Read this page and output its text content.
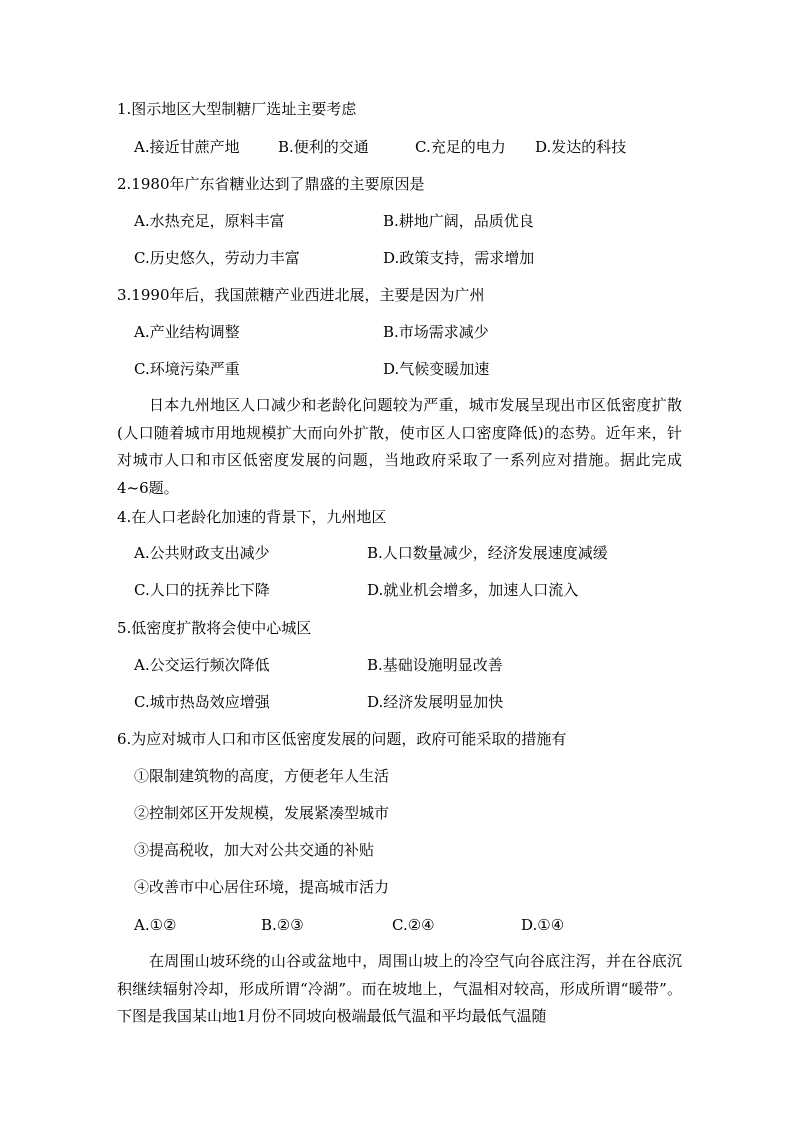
1.图示地区大型制糖厂选址主要考虑
A.接近甘蔗产地	B.便利的交通	C.充足的电力 D.发达的科技
2.1980年广东省糖业达到了鼎盛的主要原因是
A.水热充足，原料丰富	B.耕地广阔，品质优良
C.历史悠久，劳动力丰富	D.政策支持，需求增加
3.1990年后，我国蔗糖产业西进北展，主要是因为广州
A.产业结构调整	B.市场需求减少
C.环境污染严重	D.气候变暖加速
日本九州地区人口减少和老龄化问题较为严重，城市发展呈现出市区低密度扩散(人口随着城市用地规模扩大而向外扩散，使市区人口密度降低)的态势。近年来，针对城市人口和市区低密度发展的问题，当地政府采取了一系列应对措施。据此完成4~6题。
4.在人口老龄化加速的背景下，九州地区
A.公共财政支出减少	B.人口数量减少，经济发展速度减缓
C.人口的抚养比下降	D.就业机会增多，加速人口流入
5.低密度扩散将会使中心城区
A.公交运行频次降低	B.基础设施明显改善
C.城市热岛效应增强	D.经济发展明显加快
6.为应对城市人口和市区低密度发展的问题，政府可能采取的措施有
①限制建筑物的高度，方便老年人生活
②控制郊区开发规模，发展紧凑型城市
③提高税收，加大对公共交通的补贴
④改善市中心居住环境，提高城市活力
A.①②	B.②③	C.②④	D.①④
在周围山坡环绕的山谷或盆地中，周围山坡上的冷空气向谷底注泻，并在谷底沉积继续辐射冷却，形成所谓“冷湖”。而在坡地上，气温相对较高，形成所谓“暖带”。下图是我国某山地1月份不同坡向极端最低气温和平均最低气温随
